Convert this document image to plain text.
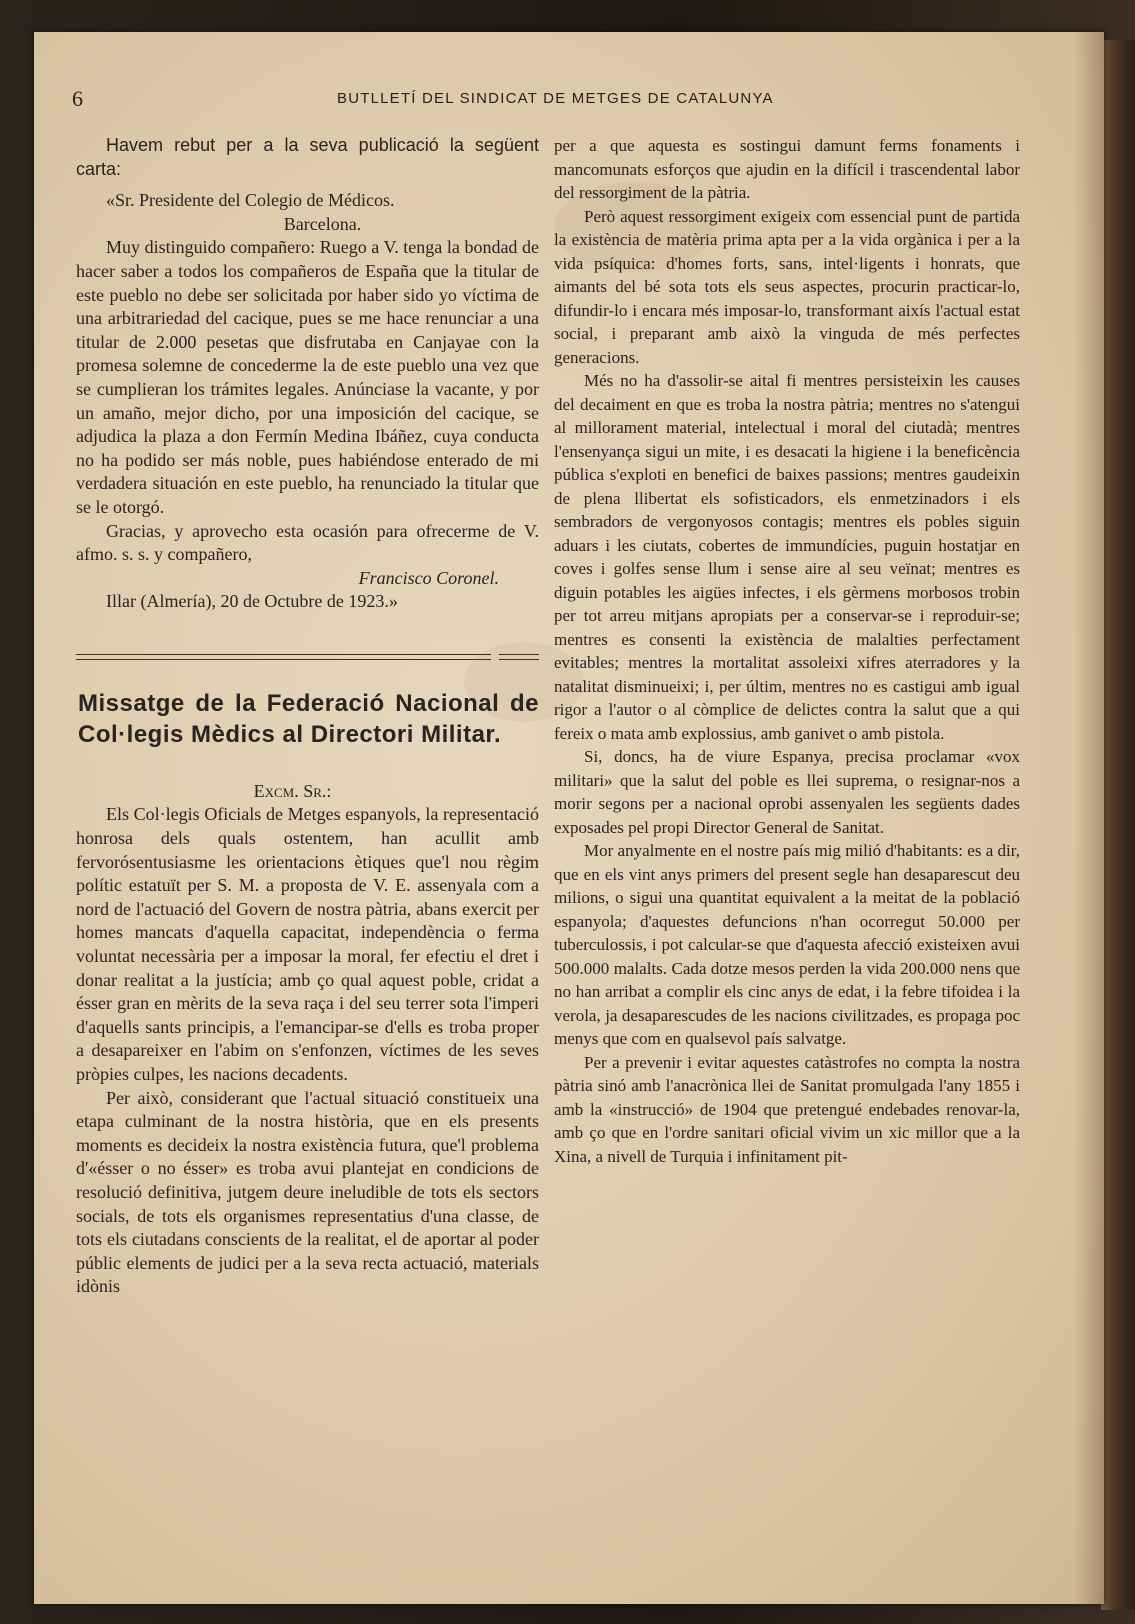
6	BUTLLETÍ DEL SINDICAT DE METGES DE CATALUNYA

Havem rebut per a la seva publicació la següent carta:

«Sr. Presidente del Colegio de Médicos.

Barcelona.

Muy distinguido compañero: Ruego a V. tenga la bondad de hacer saber a todos los compañeros de España que la titular de este pueblo no debe ser solicitada por haber sido yo víctima de una arbitrariedad del cacique, pues se me hace renunciar a una titular de 2.000 pesetas que disfrutaba en Canjayae con la promesa solemne de concederme la de este pueblo una vez que se cumplieran los trámites legales. Anúnciase la vacante, y por un amaño, mejor dicho, por una imposición del cacique, se adjudica la plaza a don Fermín Medina Ibáñez, cuya conducta no ha podido ser más noble, pues habiéndose enterado de mi verdadera situación en este pueblo, ha renunciado la titular que se le otorgó.

Gracias, y aprovecho esta ocasión para ofrecerme de V. afmo. s. s. y compañero,

Francisco Coronel.

Illar (Almería), 20 de Octubre de 1923.»

Missatge de la Federació Nacional de Col·legis Mèdics al Directori Militar.

Excm. Sr.:

Els Col·legis Oficials de Metges espanyols, la representació honrosa dels quals ostentem, han acullit amb fervorósentusiasme les orientacions ètiques que'l nou règim polític estatuït per S. M. a proposta de V. E. assenyala com a nord de l'actuació del Govern de nostra pàtria, abans exercit per homes mancats d'aquella capacitat, independència o ferma voluntat necessària per a imposar la moral, fer efectiu el dret i donar realitat a la justícia; amb ço qual aquest poble, cridat a ésser gran en mèrits de la seva raça i del seu terrer sota l'imperi d'aquells sants principis, a l'emancipar-se d'ells es troba proper a desapareixer en l'abim on s'enfonzen, víctimes de les seves pròpies culpes, les nacions decadents.

Per això, considerant que l'actual situació constitueix una etapa culminant de la nostra història, que en els presents moments es decideix la nostra existència futura, que'l problema d'«ésser o no ésser» es troba avui plantejat en condicions de resolució definitiva, jutgem deure ineludible de tots els sectors socials, de tots els organismes representatius d'una classe, de tots els ciutadans conscients de la realitat, el de aportar al poder públic elements de judici per a la seva recta actuació, materials idònis

per a que aquesta es sostingui damunt ferms fonaments i mancomunats esforços que ajudin en la difícil i trascendental labor del ressorgiment de la pàtria.

Però aquest ressorgiment exigeix com essencial punt de partida la existència de matèria prima apta per a la vida orgànica i per a la vida psíquica: d'homes forts, sans, intel·ligents i honrats, que aimants del bé sota tots els seus aspectes, procurin practicar-lo, difundir-lo i encara més imposar-lo, transformant aixís l'actual estat social, i preparant amb això la vinguda de més perfectes generacions.

Més no ha d'assolir-se aital fi mentres persisteixin les causes del decaiment en que es troba la nostra pàtria; mentres no s'atengui al millorament material, intelectual i moral del ciutadà; mentres l'ensenyança sigui un mite, i es desacati la higiene i la beneficència pública s'exploti en benefici de baixes passions; mentres gaudeixin de plena llibertat els sofisticadors, els enmetzinadors i els sembradors de vergonyosos contagis; mentres els pobles siguin aduars i les ciutats, cobertes de immundícies, puguin hostatjar en coves i golfes sense llum i sense aire al seu veïnat; mentres es diguin potables les aigües infectes, i els gèrmens morbosos trobin per tot arreu mitjans apropiats per a conservar-se i reproduir-se; mentres es consenti la existència de malalties perfectament evitables; mentres la mortalitat assoleixi xifres aterradores y la natalitat disminueixi; i, per últim, mentres no es castigui amb igual rigor a l'autor o al còmplice de delictes contra la salut que a qui fereix o mata amb explossius, amb ganivet o amb pistola.

Si, doncs, ha de viure Espanya, precisa proclamar «vox militari» que la salut del poble es llei suprema, o resignar-nos a morir segons per a nacional oprobi assenyalen les següents dades exposades pel propi Director General de Sanitat.

Mor anyalmente en el nostre país mig milió d'habitants: es a dir, que en els vint anys primers del present segle han desaparescut deu milions, o sigui una quantitat equivalent a la meitat de la població espanyola; d'aquestes defuncions n'han ocorregut 50.000 per tuberculossis, i pot calcular-se que d'aquesta afecció existeixen avui 500.000 malalts. Cada dotze mesos perden la vida 200.000 nens que no han arribat a complir els cinc anys de edat, i la febre tifoidea i la verola, ja desaparescudes de les nacions civilitzades, es propaga poc menys que com en qualsevol país salvatge.

Per a prevenir i evitar aquestes catàstrofes no compta la nostra pàtria sinó amb l'anacrònica llei de Sanitat promulgada l'any 1855 i amb la «instrucció» de 1904 que pretengué endebades renovar-la, amb ço que en l'ordre sanitari oficial vivim un xic millor que a la Xina, a nivell de Turquia i infinitament pit-
